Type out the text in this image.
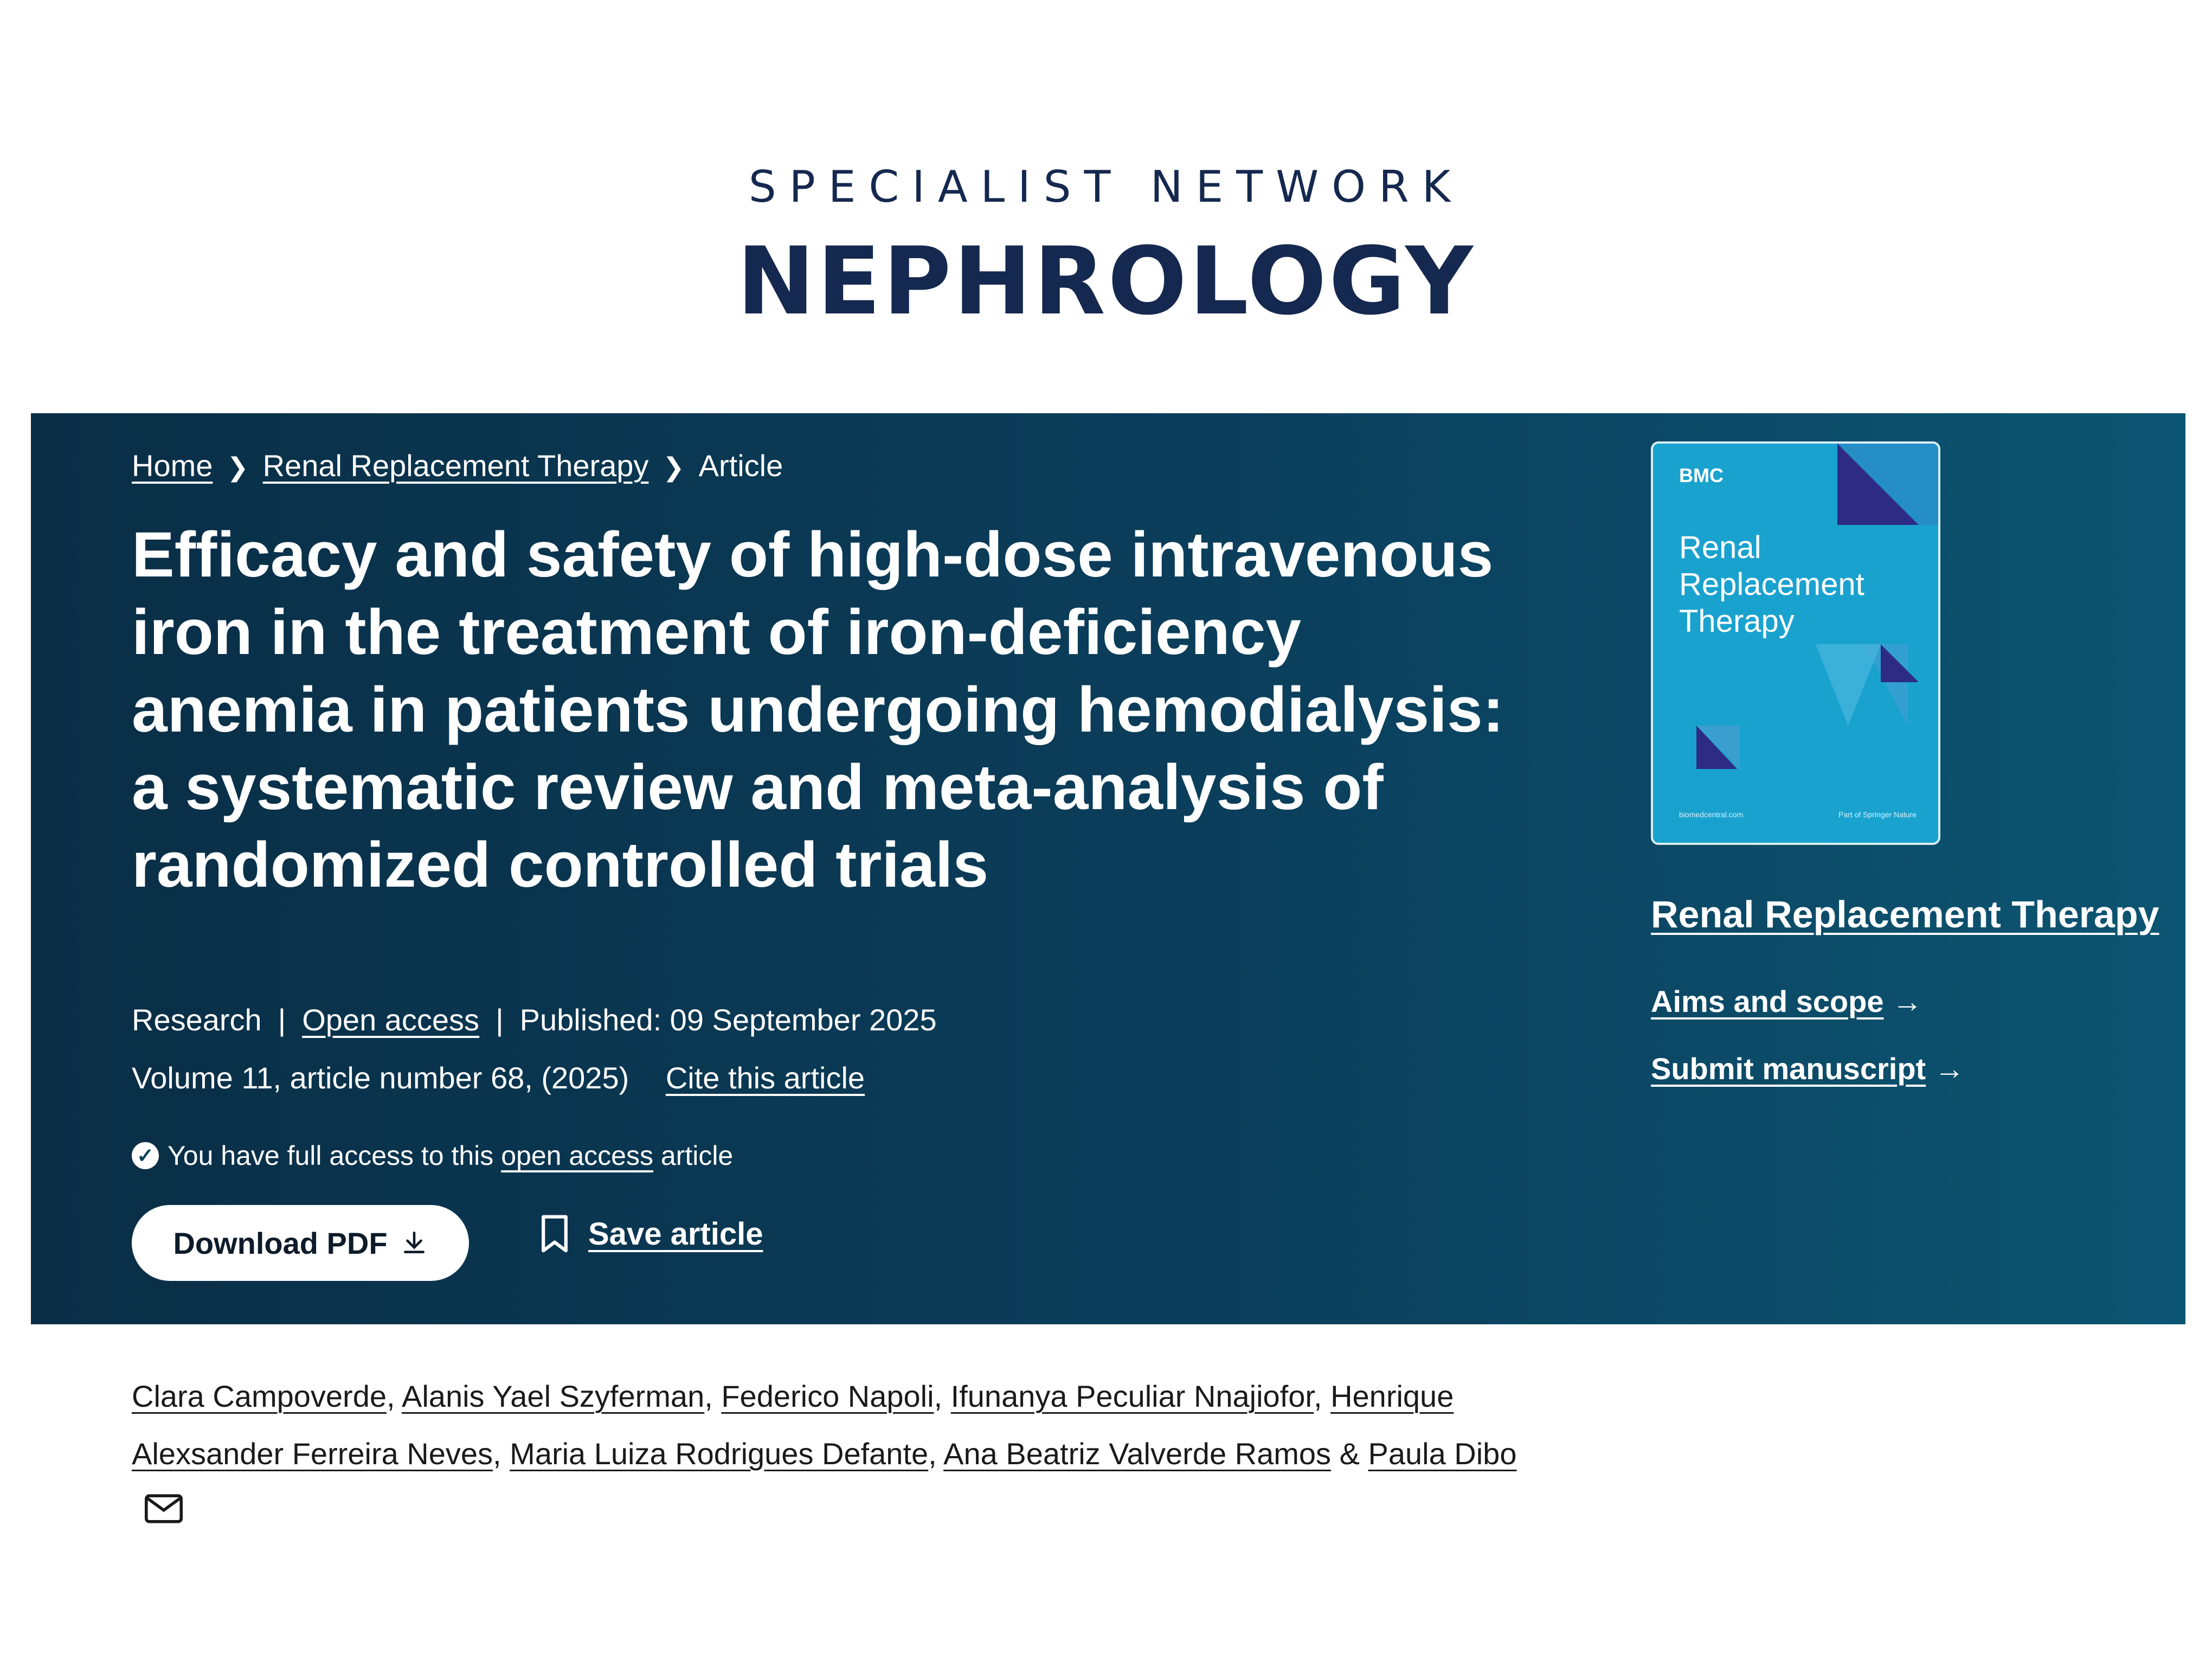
SPECIALIST NETWORK
NEPHROLOGY
Home ❯ Renal Replacement Therapy ❯ Article
Efficacy and safety of high-dose intravenous iron in the treatment of iron-deficiency anemia in patients undergoing hemodialysis: a systematic review and meta-analysis of randomized controlled trials
Research | Open access | Published: 09 September 2025
Volume 11, article number 68, (2025) Cite this article
✓ You have full access to this
open access
article
Download PDF	Save article
BMC
Renal
Replacement
Therapy
biomedcentral.com	Part of Springer Nature
Renal Replacement Therapy
Aims and scope →
Submit manuscript →
Clara Campoverde, Alanis Yael Szyferman, Federico Napoli, Ifunanya Peculiar Nnajiofor, Henrique Alexsander Ferreira Neves, Maria Luiza Rodrigues Defante, Ana Beatriz Valverde Ramos & Paula Dibo
